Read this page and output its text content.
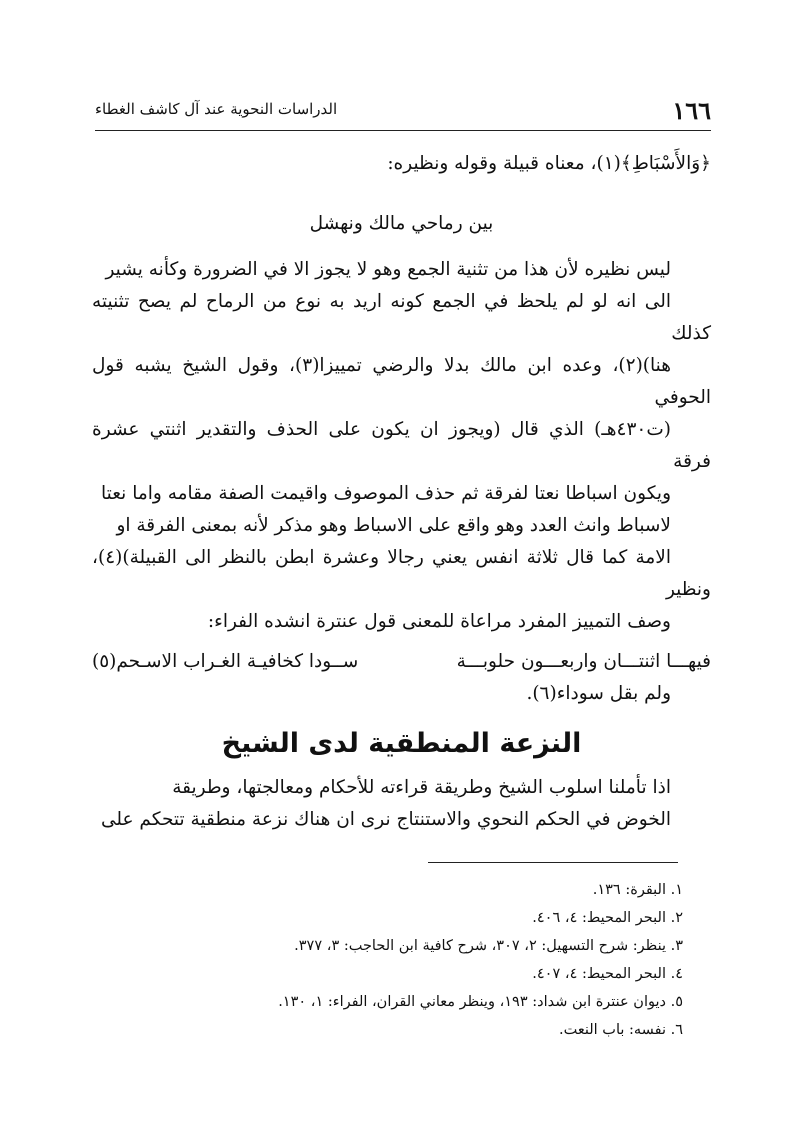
١٦٦
الدراسات النحوية عند آل كاشف الغطاء

﴿وَالأَسْبَاطِ﴾(١)، معناه قبيلة وقوله ونظيره:

بين رماحي مالك ونهشل

ليس نظيره لأن هذا من تثنية الجمع وهو لا يجوز الا في الضرورة وكأنه يشير
الى انه لو لم يلحظ في الجمع كونه اريد به نوع من الرماح لم يصح تثنيته كذلك
هنا)(٢)، وعده ابن مالك بدلا والرضي تمييزا(٣)، وقول الشيخ يشبه قول الحوفي
(ت٤٣٠هـ) الذي قال (ويجوز ان يكون على الحذف والتقدير اثنتي عشرة فرقة
ويكون اسباطا نعتا لفرقة ثم حذف الموصوف واقيمت الصفة مقامه واما نعتا
لاسباط وانث العدد وهو واقع على الاسباط وهو مذكر لأنه بمعنى الفرقة او
الامة كما قال ثلاثة انفس يعني رجالا وعشرة ابطن بالنظر الى القبيلة)(٤)، ونظير
وصف التمييز المفرد مراعاة للمعنى قول عنترة انشده الفراء:

فيهـــا اثنتـــان واربعـــون حلوبـــة
ســودا كخافيـة الغـراب الاسـحم(٥)

ولم بقل سوداء(٦).

النزعة المنطقية لدى الشيخ

اذا تأملنا اسلوب الشيخ وطريقة قراءته للأحكام ومعالجتها، وطريقة
الخوض في الحكم النحوي والاستنتاج نرى ان هناك نزعة منطقية تتحكم على

١. البقرة: ١٣٦.
٢. البحر المحيط: ٤، ٤٠٦.
٣. ينظر: شرح التسهيل: ٢، ٣٠٧، شرح كافية ابن الحاجب: ٣، ٣٧٧.
٤. البحر المحيط: ٤، ٤٠٧.
٥. ديوان عنترة ابن شداد: ١٩٣، وينظر معاني القران، الفراء: ١، ١٣٠.
٦. نفسه: باب النعت.
